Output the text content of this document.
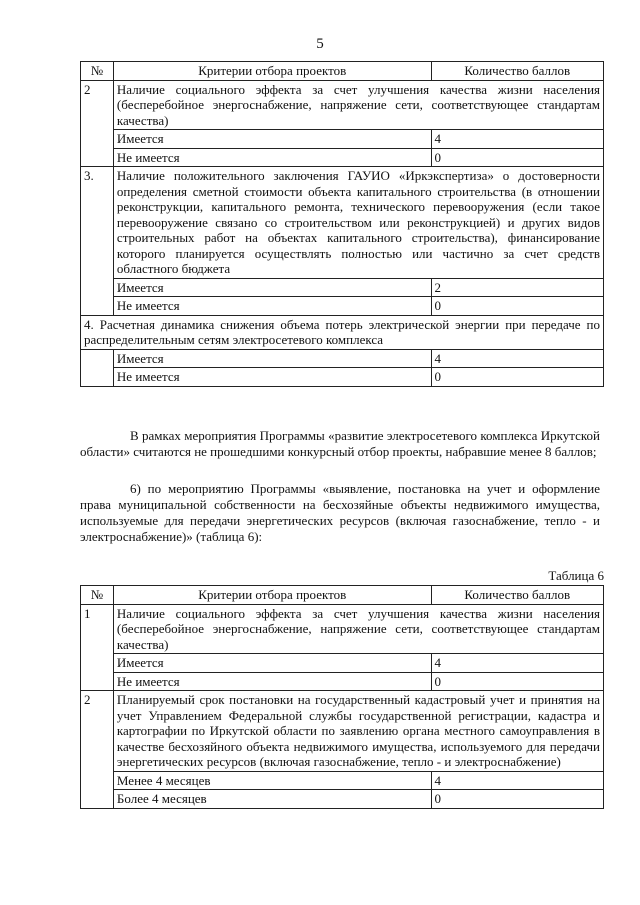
5
№	Критерии отбора проектов	Количество баллов
2	Наличие социального эффекта за счет улучшения качества жизни населения (бесперебойное энергоснабжение, напряжение сети, соответствующее стандартам качества)	
	Имеется	4
	Не имеется	0
3.	Наличие положительного заключения ГАУИО «Иркэкспертиза» о достоверности определения сметной стоимости объекта капитального строительства (в отношении реконструкции, капитального ремонта, технического перевооружения (если такое перевооружение связано со строительством или реконструкцией) и других видов строительных работ на объектах капитального строительства), финансирование которого планируется осуществлять полностью или частично за счет средств областного бюджета	
	Имеется	2
	Не имеется	0
4. Расчетная динамика снижения объема потерь электрической энергии при передаче по распределительным сетям электросетевого комплекса		
	Имеется	4
	Не имеется	0

В рамках мероприятия Программы «развитие электросетевого комплекса Иркутской области» считаются не прошедшими конкурсный отбор проекты, набравшие менее 8 баллов;

6) по мероприятию Программы «выявление, постановка на учет и оформление права муниципальной собственности на бесхозяйные объекты недвижимого имущества, используемые для передачи энергетических ресурсов (включая газоснабжение, тепло - и электроснабжение)» (таблица 6):

Таблица 6
№	Критерии отбора проектов	Количество баллов
1	Наличие социального эффекта за счет улучшения качества жизни населения (бесперебойное энергоснабжение, напряжение сети, соответствующее стандартам качества)	
	Имеется	4
	Не имеется	0
2	Планируемый срок постановки на государственный кадастровый учет и принятия на учет Управлением Федеральной службы государственной регистрации, кадастра и картографии по Иркутской области по заявлению органа местного самоуправления в качестве бесхозяйного объекта недвижимого имущества, используемого для передачи энергетических ресурсов (включая газоснабжение, тепло - и электроснабжение)	
	Менее 4 месяцев	4
	Более 4 месяцев	0
